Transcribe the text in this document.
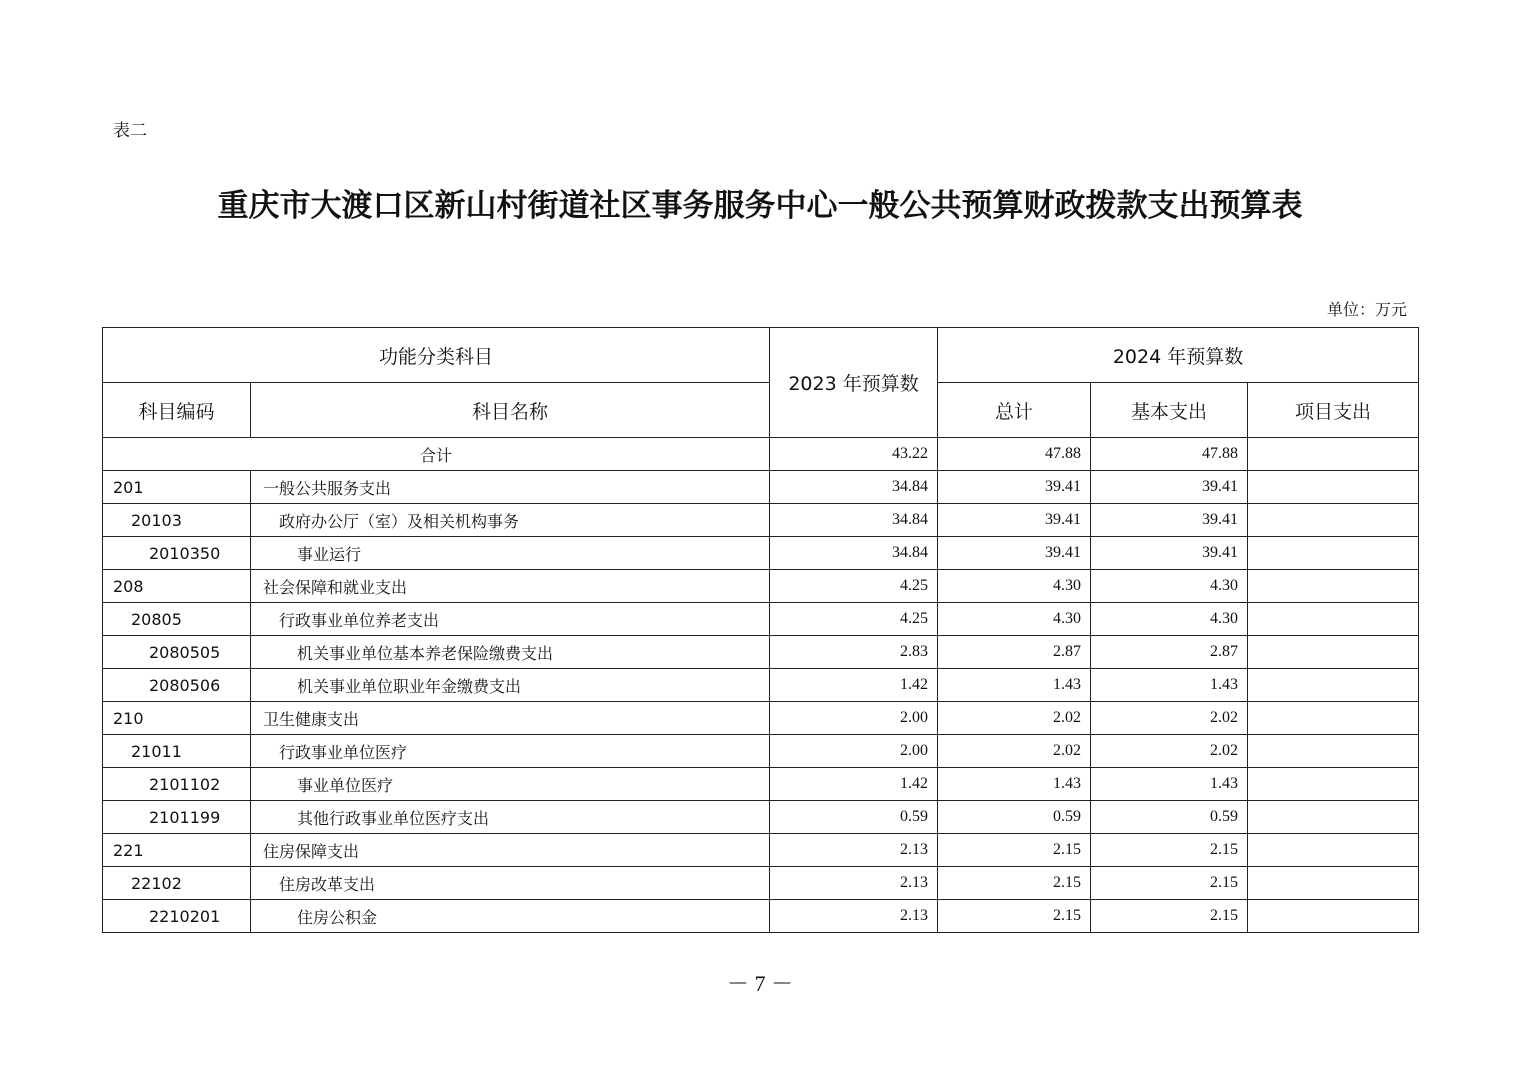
表二
重庆市大渡口区新山村街道社区事务服务中心一般公共预算财政拨款支出预算表
单位：万元
功能分类科目		2023 年预算数	2024 年预算数		
科目编码	科目名称		总计	基本支出	项目支出
合计		43.22	47.88	47.88	
201	一般公共服务支出	34.84	39.41	39.41	
20103	政府办公厅（室）及相关机构事务	34.84	39.41	39.41	
2010350	事业运行	34.84	39.41	39.41	
208	社会保障和就业支出	4.25	4.30	4.30	
20805	行政事业单位养老支出	4.25	4.30	4.30	
2080505	机关事业单位基本养老保险缴费支出	2.83	2.87	2.87	
2080506	机关事业单位职业年金缴费支出	1.42	1.43	1.43	
210	卫生健康支出	2.00	2.02	2.02	
21011	行政事业单位医疗	2.00	2.02	2.02	
2101102	事业单位医疗	1.42	1.43	1.43	
2101199	其他行政事业单位医疗支出	0.59	0.59	0.59	
221	住房保障支出	2.13	2.15	2.15	
22102	住房改革支出	2.13	2.15	2.15	
2210201	住房公积金	2.13	2.15	2.15	
－ 7 －
